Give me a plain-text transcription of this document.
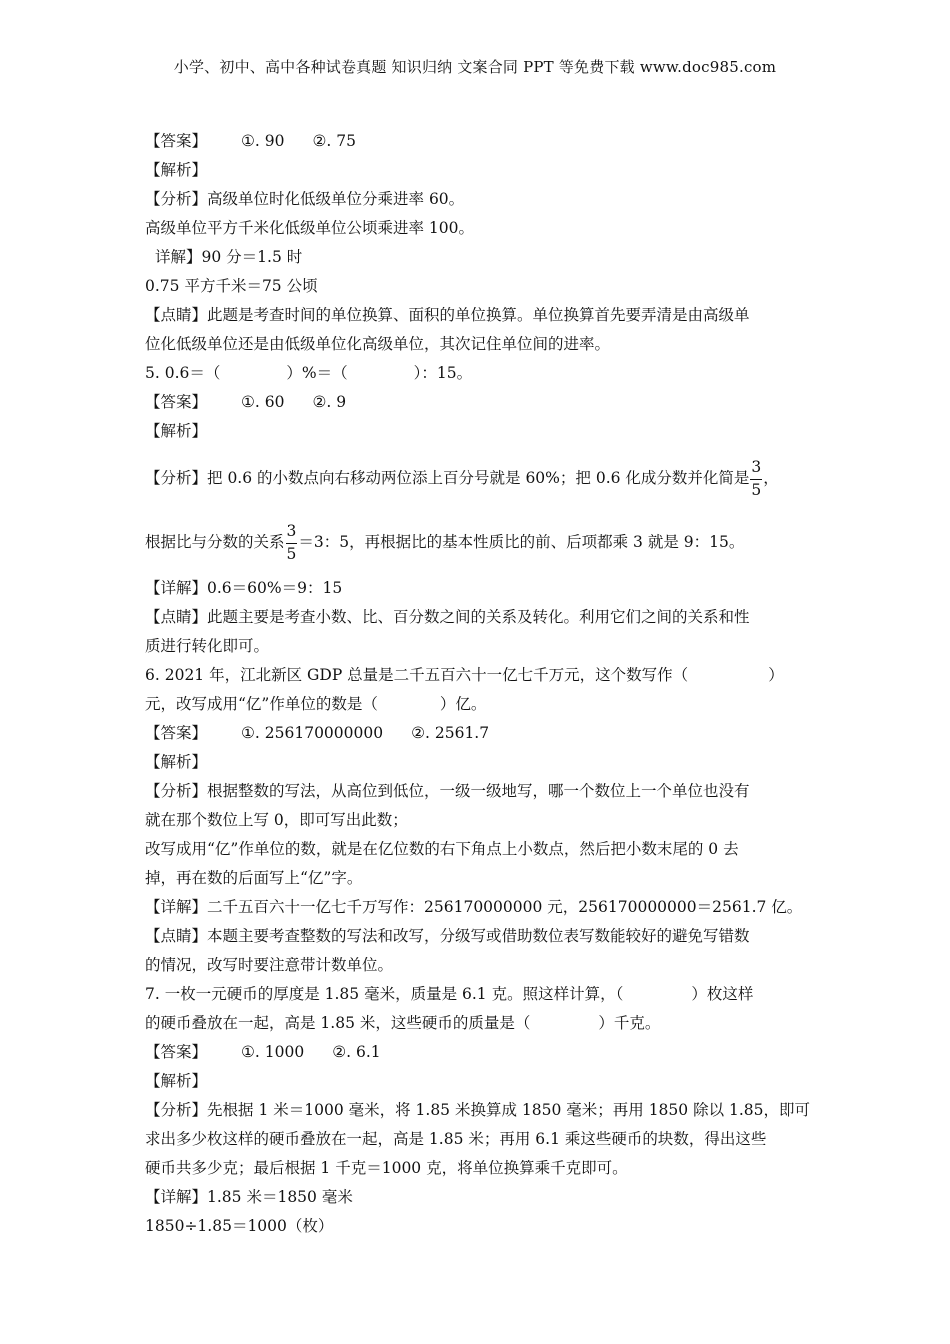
小学、初中、高中各种试卷真题 知识归纳 文案合同 PPT 等免费下载 www.doc985.com
【答案】 ①. 90 ②. 75
【解析】
【分析】高级单位时化低级单位分乘进率 60。
高级单位平方千米化低级单位公顷乘进率 100。
详解】90 分＝1.5 时
0.75 平方千米＝75 公顷
【点睛】此题是考查时间的单位换算、面积的单位换算。单位换算首先要弄清是由高级单
位化低级单位还是由低级单位化高级单位，其次记住单位间的进率。
5. 0.6＝（	）%＝（	）：15。
【答案】 ①. 60 ②. 9
【解析】
【分析】把 0.6 的小数点向右移动两位添上百分号就是 60%；把 0.6 化成分数并化简是 $\frac{3}{5}$ ，
根据比与分数的关系 $\frac{3}{5} =3$：5，再根据比的基本性质比的前、后项都乘 3 就是 9：15。
【详解】0.6＝60%＝9：15
【点睛】此题主要是考查小数、比、百分数之间的关系及转化。利用它们之间的关系和性
质进行转化即可。
6. 2021 年，江北新区 GDP 总量是二千五百六十一亿七千万元，这个数写作（	）
元，改写成用“亿”作单位的数是（	）亿。
【答案】 ①. 256170000000 ②. 2561.7
【解析】
【分析】根据整数的写法，从高位到低位，一级一级地写，哪一个数位上一个单位也没有
就在那个数位上写 0，即可写出此数；
改写成用“亿”作单位的数，就是在亿位数的右下角点上小数点，然后把小数末尾的 0 去
掉，再在数的后面写上“亿”字。
【详解】二千五百六十一亿七千万写作：256170000000 元，256170000000＝2561.7 亿。
【点睛】本题主要考查整数的写法和改写，分级写或借助数位表写数能较好的避免写错数
的情况，改写时要注意带计数单位。
7. 一枚一元硬币的厚度是 1.85 毫米，质量是 6.1 克。照这样计算，（	）枚这样
的硬币叠放在一起，高是 1.85 米，这些硬币的质量是（	）千克。
【答案】 ①. 1000 ②. 6.1
【解析】
【分析】先根据 1 米＝1000 毫米，将 1.85 米换算成 1850 毫米；再用 1850 除以 1.85，即可
求出多少枚这样的硬币叠放在一起，高是 1.85 米；再用 6.1 乘这些硬币的块数，得出这些
硬币共多少克；最后根据 1 千克＝1000 克，将单位换算乘千克即可。
【详解】1.85 米＝1850 毫米
1850÷1.85＝1000（枚）
